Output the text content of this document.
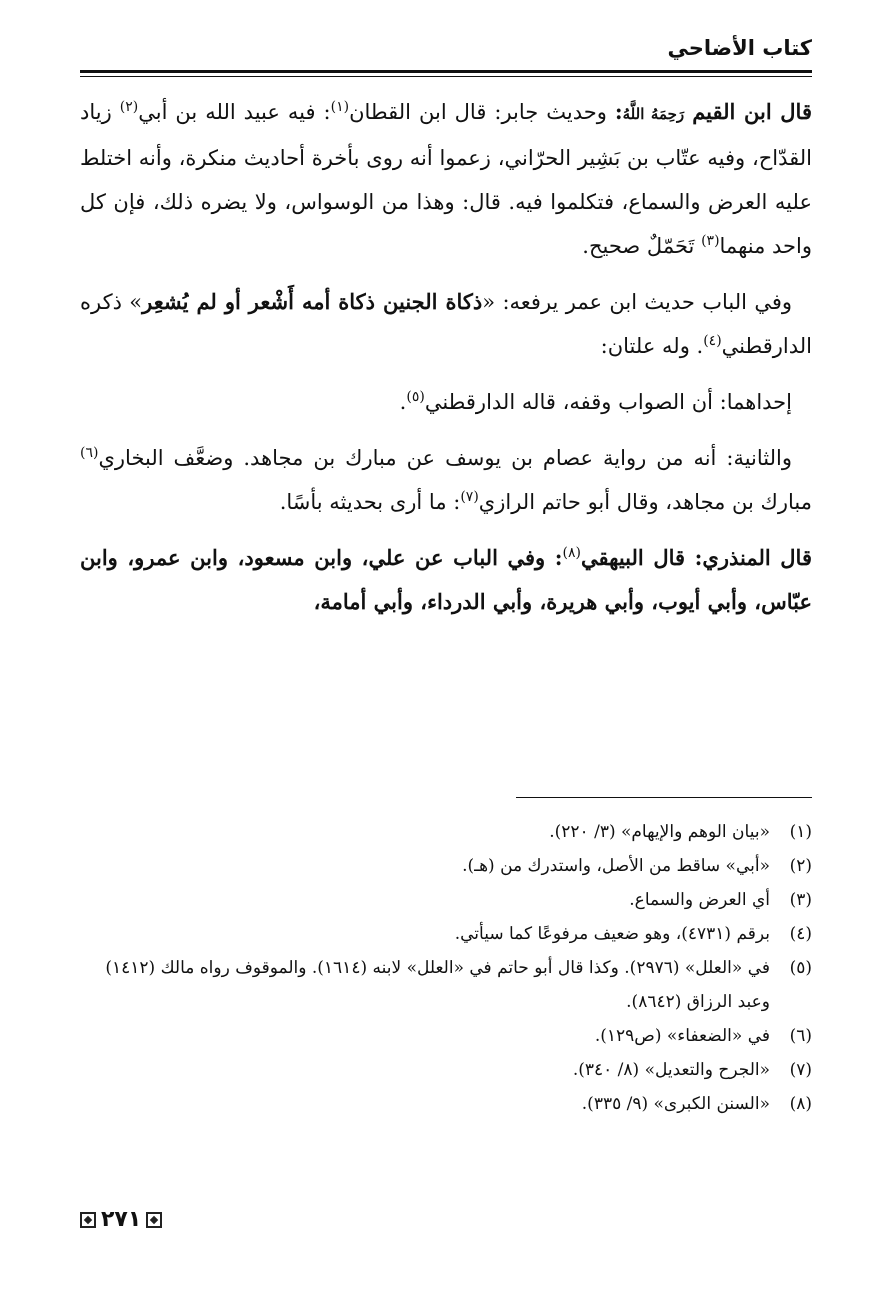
كتاب الأضاحي

قال ابن القيم رَحِمَهُ اللَّهُ: وحديث جابر: قال ابن القطان$^{(١)}$: فيه عبيد الله بن أبي$^{(٢)}$ زياد القدّاح، وفيه عتّاب بن بَشِير الحرّاني، زعموا أنه روى بأخرة أحاديث منكرة، وأنه اختلط عليه العرض والسماع، فتكلموا فيه. قال: وهذا من الوسواس، ولا يضره ذلك، فإن كل واحد منهما$^{(٣)}$ تَحَمّلٌ صحيح.

وفي الباب حديث ابن عمر يرفعه: «ذكاة الجنين ذكاة أمه أَشْعر أو لم يُشعِر» ذكره الدارقطني$^{(٤)}$. وله علتان:

إحداهما: أن الصواب وقفه، قاله الدارقطني$^{(٥)}$.

والثانية: أنه من رواية عصام بن يوسف عن مبارك بن مجاهد. وضعَّف البخاري$^{(٦)}$ مبارك بن مجاهد، وقال أبو حاتم الرازي$^{(٧)}$: ما أرى بحديثه بأسًا.

قال المنذري: قال البيهقي$^{(٨)}$: وفي الباب عن علي، وابن مسعود، وابن عمرو، وابن عبّاس، وأبي أيوب، وأبي هريرة، وأبي الدرداء، وأبي أمامة،

(١)
«بيان الوهم والإيهام» (٣/ ٢٢٠).

(٢)
«أبي» ساقط من الأصل، واستدرك من (هـ).

(٣)
أي العرض والسماع.

(٤)
برقم (٤٧٣١)، وهو ضعيف مرفوعًا كما سيأتي.

(٥)
في «العلل» (٢٩٧٦). وكذا قال أبو حاتم في «العلل» لابنه (١٦١٤). والموقوف رواه مالك (١٤١٢) وعبد الرزاق (٨٦٤٢).

(٦)
في «الضعفاء» (ص١٢٩).

(٧)
«الجرح والتعديل» (٨/ ٣٤٠).

(٨)
«السنن الكبرى» (٩/ ٣٣٥).

٢٧١
